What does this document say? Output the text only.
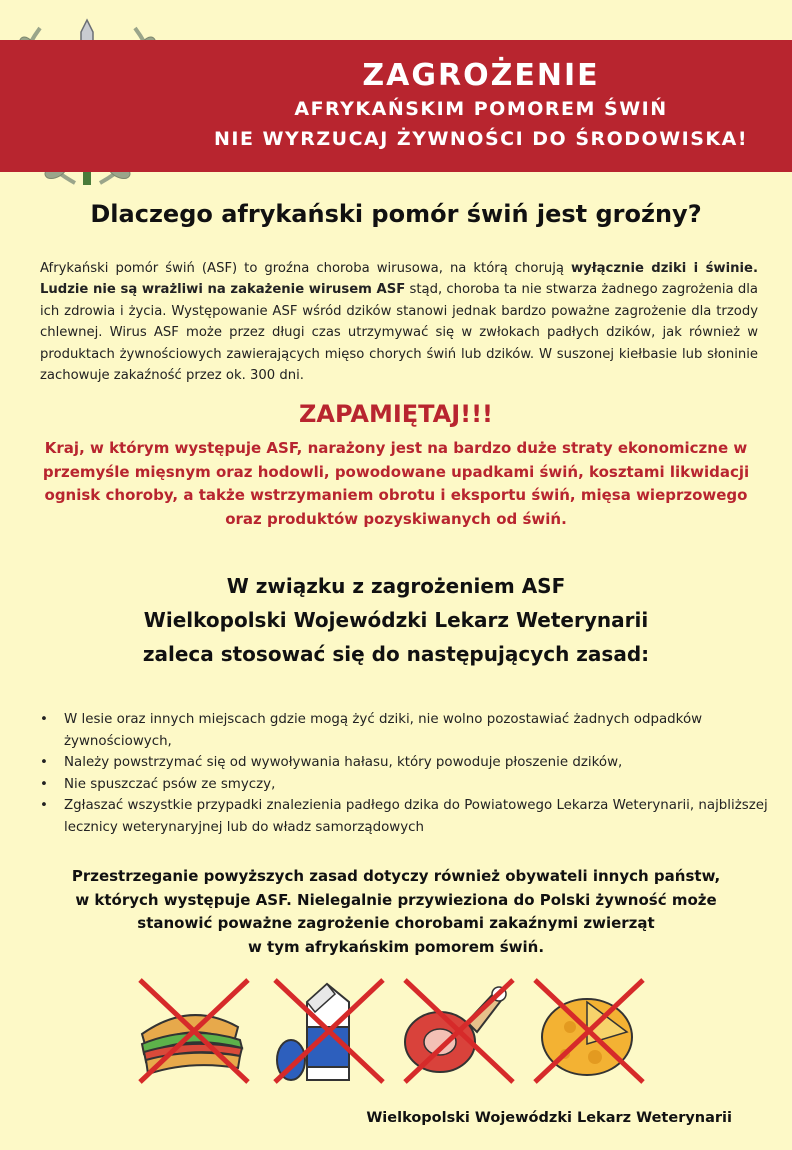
ZAGROŻENIE
AFRYKAŃSKIM POMOREM ŚWIŃ
NIE WYRZUCAJ ŻYWNOŚCI DO ŚRODOWISKA!
Dlaczego afrykański pomór świń jest groźny?
Afrykański pomór świń (ASF) to groźna choroba wirusowa, na którą chorują wyłącznie dziki i świnie. Ludzie nie są wrażliwi na zakażenie wirusem ASF stąd, choroba ta nie stwarza żadnego zagrożenia dla ich zdrowia i życia. Występowanie ASF wśród dzików stanowi jednak bardzo poważne zagrożenie dla trzody chlewnej. Wirus ASF może przez długi czas utrzymywać się w zwłokach padłych dzików, jak również w produktach żywnościowych zawierających mięso chorych świń lub dzików. W suszonej kiełbasie lub słoninie zachowuje zakaźność przez ok. 300 dni.
ZAPAMIĘTAJ!!!
Kraj, w którym występuje ASF, narażony jest na bardzo duże straty ekonomiczne w przemyśle mięsnym oraz hodowli, powodowane upadkami świń, kosztami likwidacji ognisk choroby, a także wstrzymaniem obrotu i eksportu świń, mięsa wieprzowego oraz produktów pozyskiwanych od świń.
W związku z zagrożeniem ASF
Wielkopolski Wojewódzki Lekarz Weterynarii
zaleca stosować się do następujących zasad:
• W lesie oraz innych miejscach gdzie mogą żyć dziki, nie wolno pozostawiać żadnych odpadków żywnościowych,
• Należy powstrzymać się od wywoływania hałasu, który powoduje płoszenie dzików,
• Nie spuszczać psów ze smyczy,
• Zgłaszać wszystkie przypadki znalezienia padłego dzika do Powiatowego Lekarza Weterynarii, najbliższej lecznicy weterynaryjnej lub do władz samorządowych
Przestrzeganie powyższych zasad dotyczy również obywateli innych państw,
w których występuje ASF. Nielegalnie przywieziona do Polski żywność może
stanowić poważne zagrożenie chorobami zakaźnymi zwierząt
w tym afrykańskim pomorem świń.
Wielkopolski Wojewódzki Lekarz Weterynarii
